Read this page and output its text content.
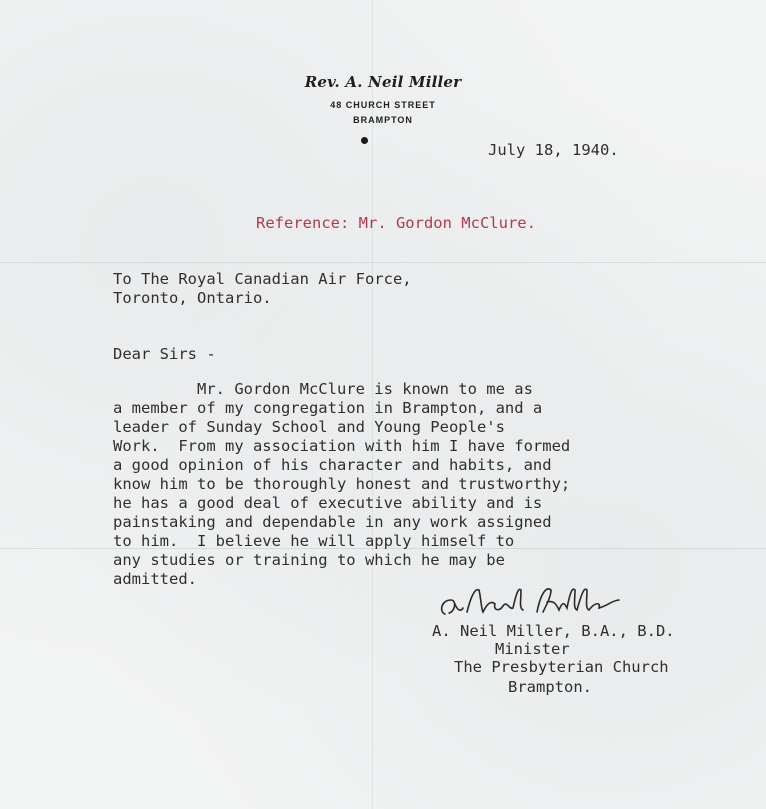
Rev. A. Neil Miller
48 CHURCH STREET
BRAMPTON
July 18, 1940.
Reference: Mr. Gordon McClure.
To The Royal Canadian Air Force,
Toronto, Ontario.
Dear Sirs -
Mr. Gordon McClure is known to me as
a member of my congregation in Brampton, and a
leader of Sunday School and Young People's
Work.  From my association with him I have formed
a good opinion of his character and habits, and
know him to be thoroughly honest and trustworthy;
he has a good deal of executive ability and is
painstaking and dependable in any work assigned
to him.  I believe he will apply himself to
any studies or training to which he may be
admitted.
A. Neil Miller, B.A., B.D.
Minister
The Presbyterian Church
Brampton.
